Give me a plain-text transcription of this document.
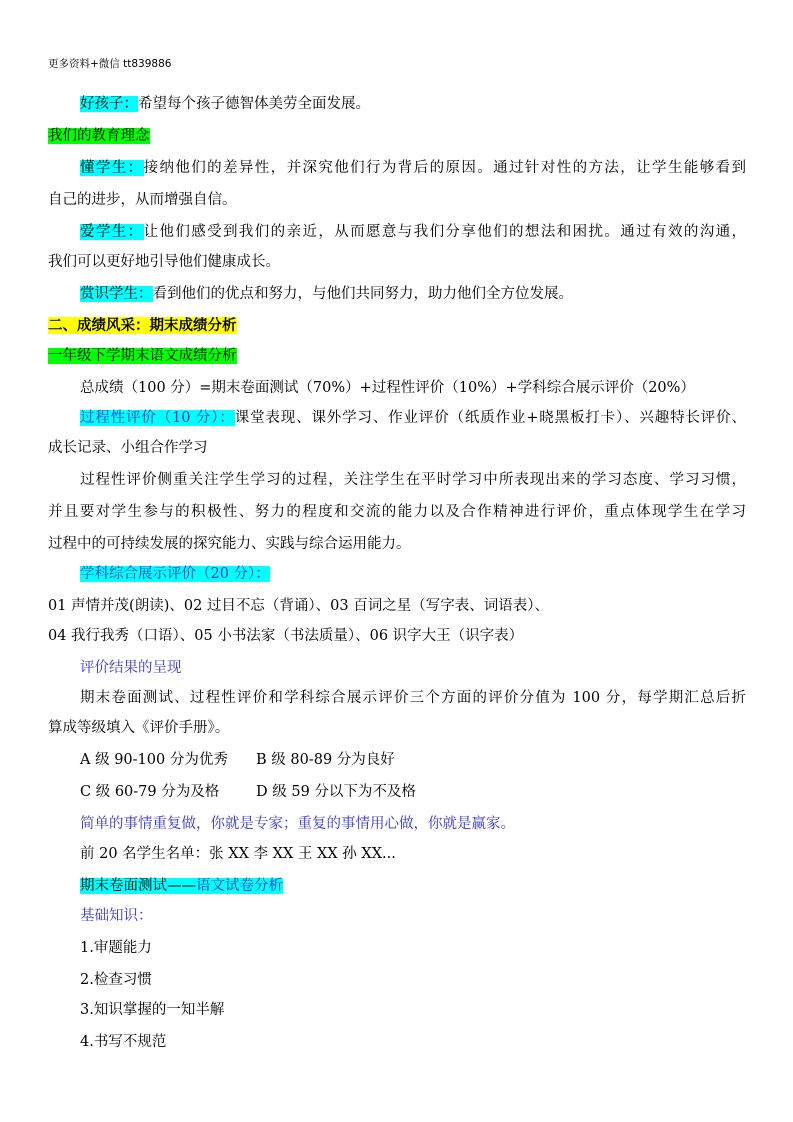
更多资料+微信 tt839886
好孩子：希望每个孩子德智体美劳全面发展。
我们的教育理念
懂学生：接纳他们的差异性，并深究他们行为背后的原因。通过针对性的方法，让学生能够看到
自己的进步，从而增强自信。
爱学生：让他们感受到我们的亲近，从而愿意与我们分享他们的想法和困扰。通过有效的沟通，
我们可以更好地引导他们健康成长。
赏识学生：看到他们的优点和努力，与他们共同努力，助力他们全方位发展。
二、成绩风采：期末成绩分析
一年级下学期末语文成绩分析
总成绩（100 分）=期末卷面测试（70%）+过程性评价（10%）+学科综合展示评价（20%）
过程性评价（10 分）：课堂表现、课外学习、作业评价（纸质作业+晓黑板打卡）、兴趣特长评价、
成长记录、小组合作学习
过程性评价侧重关注学生学习的过程，关注学生在平时学习中所表现出来的学习态度、学习习惯，
并且要对学生参与的积极性、努力的程度和交流的能力以及合作精神进行评价，重点体现学生在学习
过程中的可持续发展的探究能力、实践与综合运用能力。
学科综合展示评价（20 分）：
01 声情并茂(朗读)、02 过目不忘（背诵）、03 百词之星（写字表、词语表）、
04 我行我秀（口语）、05 小书法家（书法质量）、06 识字大王（识字表）
评价结果的呈现
期末卷面测试、过程性评价和学科综合展示评价三个方面的评价分值为 100 分，每学期汇总后折
算成等级填入《评价手册》。
A 级 90-100 分为优秀 B 级 80-89 分为良好
C 级 60-79 分为及格	D 级 59 分以下为不及格
简单的事情重复做，你就是专家；重复的事情用心做，你就是赢家。
前 20 名学生名单：张 XX 李 XX 王 XX 孙 XX...
期末卷面测试——语文试卷分析
基础知识：
1.审题能力
2.检查习惯
3.知识掌握的一知半解
4.书写不规范
